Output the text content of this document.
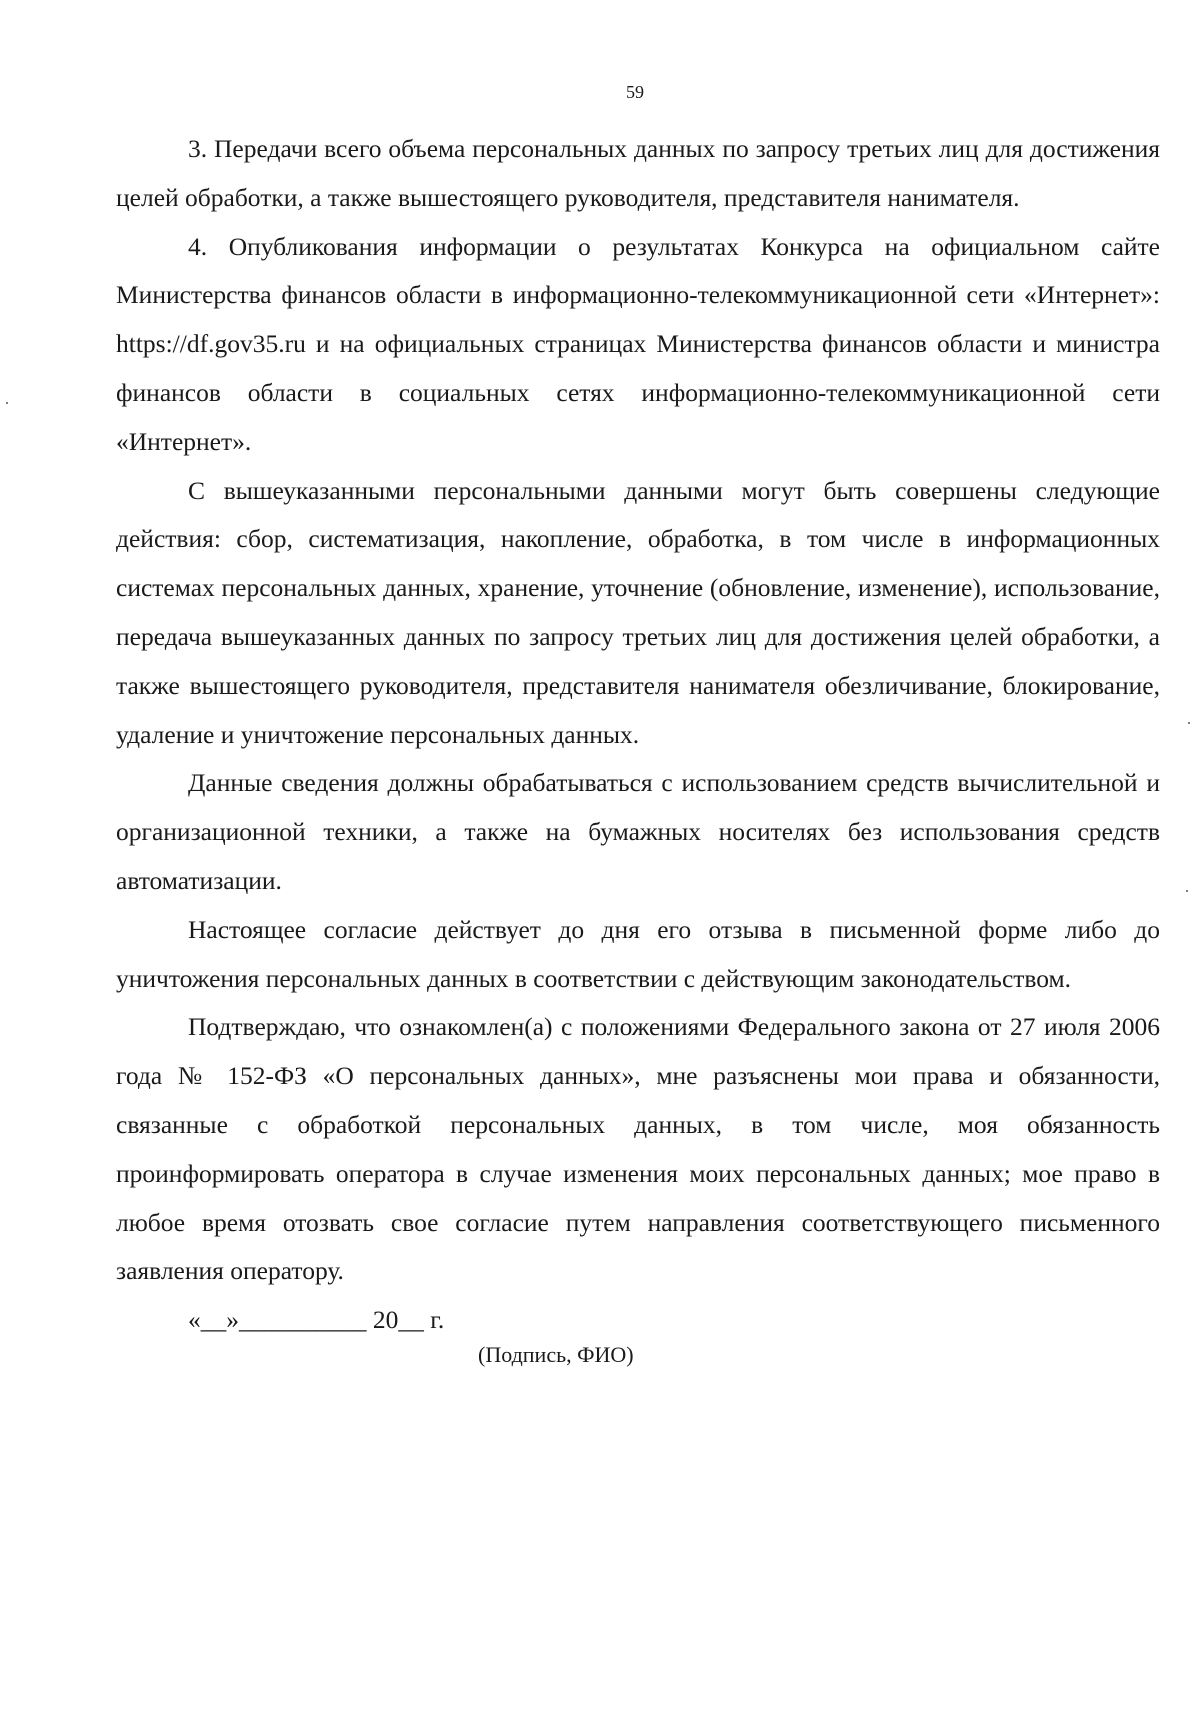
59

3. Передачи всего объема персональных данных по запросу третьих лиц для достижения целей обработки, а также вышестоящего руководителя, представителя нанимателя.

4. Опубликования информации о результатах Конкурса на официальном сайте Министерства финансов области в информационно-телекоммуникационной сети «Интернет»: https://df.gov35.ru и на официальных страницах Министерства финансов области и министра финансов области в социальных сетях информационно-телекоммуникационной сети «Интернет».

С вышеуказанными персональными данными могут быть совершены следующие действия: сбор, систематизация, накопление, обработка, в том числе в информационных системах персональных данных, хранение, уточнение (обновление, изменение), использование, передача вышеуказанных данных по запросу третьих лиц для достижения целей обработки, а также вышестоящего руководителя, представителя нанимателя обезличивание, блокирование, удаление и уничтожение персональных данных.

Данные сведения должны обрабатываться с использованием средств вычислительной и организационной техники, а также на бумажных носителях без использования средств автоматизации.

Настоящее согласие действует до дня его отзыва в письменной форме либо до уничтожения персональных данных в соответствии с действующим законодательством.

Подтверждаю, что ознакомлен(а) с положениями Федерального закона от 27 июля 2006 года № 152-ФЗ «О персональных данных», мне разъяснены мои права и обязанности, связанные с обработкой персональных данных, в том числе, моя обязанность проинформировать оператора в случае изменения моих персональных данных; мое право в любое время отозвать свое согласие путем направления соответствующего письменного заявления оператору.

«__»__________ 20__ г.

(Подпись, ФИО)
